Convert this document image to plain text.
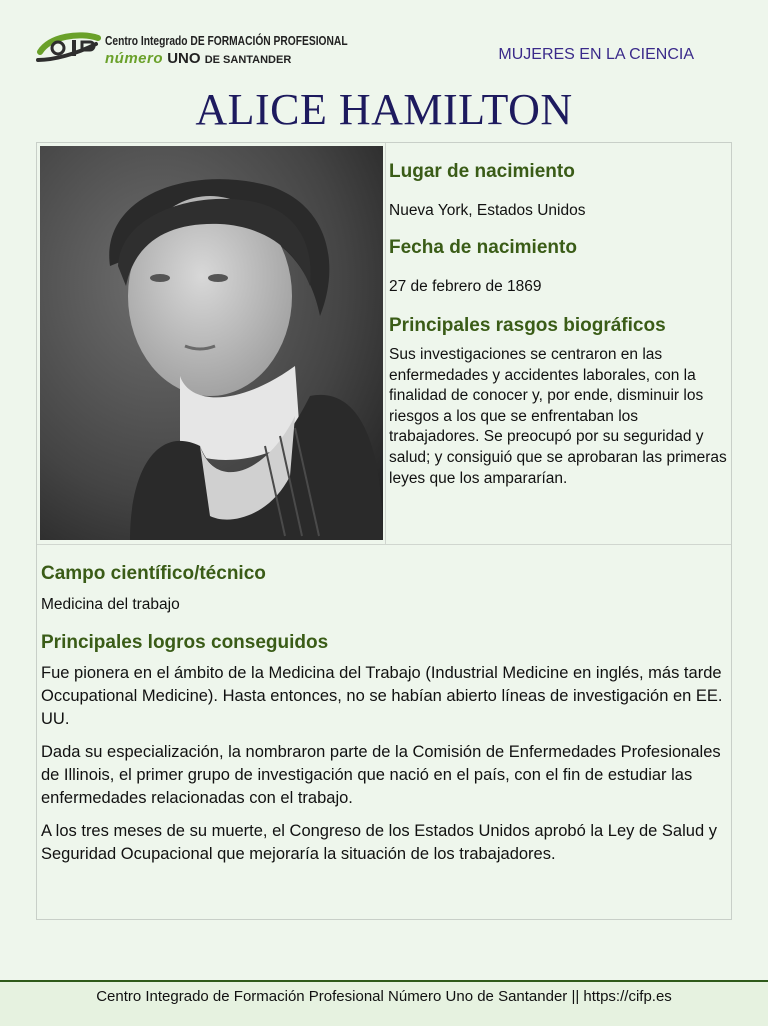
Centro Integrado DE FORMACIÓN PROFESIONAL
número UNO DE SANTANDER	MUJERES EN LA CIENCIA
ALICE HAMILTON
Lugar de nacimiento

Nueva York, Estados Unidos

Fecha de nacimiento

27 de febrero de 1869

Principales rasgos biográficos

Sus investigaciones se centraron en las enfermedades y accidentes laborales, con la finalidad de conocer y, por ende, disminuir los riesgos a los que se enfrentaban los trabajadores. Se preocupó por su seguridad y salud; y consiguió que se aprobaran las primeras leyes que los ampararían.

Campo científico/técnico

Medicina del trabajo

Principales logros conseguidos

Fue pionera en el ámbito de la Medicina del Trabajo (Industrial Medicine en inglés, más tarde Occupational Medicine). Hasta entonces, no se habían abierto líneas de investigación en EE. UU.

Dada su especialización, la nombraron parte de la Comisión de Enfermedades Profesionales de Illinois, el primer grupo de investigación que nació en el país, con el fin de estudiar las enfermedades relacionadas con el trabajo.

A los tres meses de su muerte, el Congreso de los Estados Unidos aprobó la Ley de Salud y Seguridad Ocupacional que mejoraría la situación de los trabajadores.

Centro Integrado de Formación Profesional Número Uno de Santander || https://cifp.es
